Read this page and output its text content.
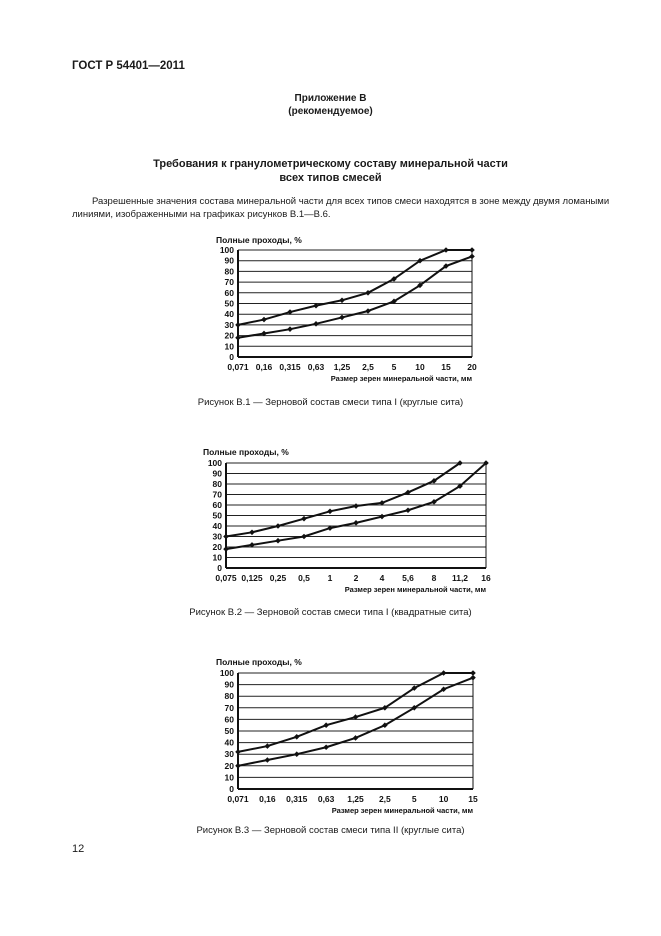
ГОСТ Р 54401—2011
Приложение В
(рекомендуемое)
Требования к гранулометрическому составу минеральной части
всех типов смесей
Разрешенные значения состава минеральной части для всех типов смеси находятся в зоне между двумя ломаными линиями, изображенными на графиках рисунков В.1—В.6.
0
10
20
30
40
50
60
70
80
90
100
0,071 0,16 0,315 0,63 1,25 2,5 5 10 15 20
Полные проходы, %
Размер зерен минеральной части, мм
0
10
20
30
40
50
60
70
80
90
100
0,075 0,125 0,25 0,5 1	2	4 5,6 8 11,2 16
Полные проходы, %
Размер зерен минеральной части, мм
0
10
20
30
40
50
60
70
80
90
100
0,071 0,16 0,315 0,63 1,25 2,5 5	10 15
Полные проходы, %
Размер зерен минеральной части, мм
Рисунок В.1 — Зерновой состав смеси типа I (круглые сита)
Рисунок В.2 — Зерновой состав смеси типа I (квадратные сита)
Рисунок В.3 — Зерновой состав смеси типа II (круглые сита)
12
